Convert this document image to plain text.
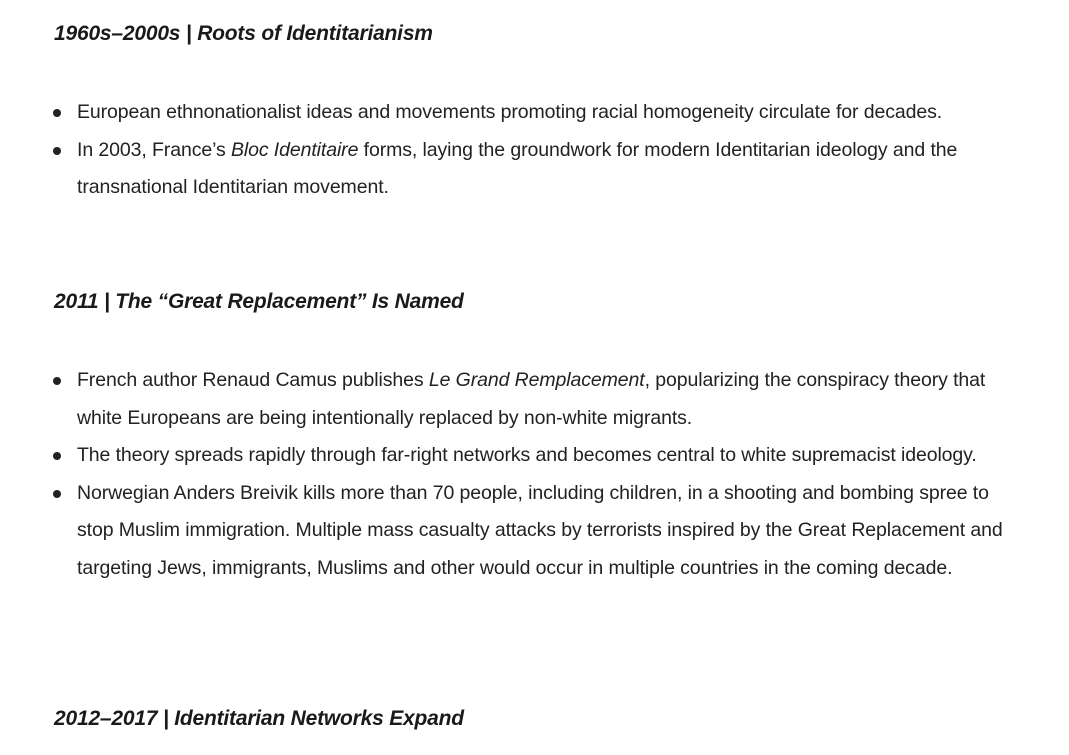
1960s–2000s | Roots of Identitarianism
European ethnonationalist ideas and movements promoting racial homogeneity circulate for decades.
In 2003, France’s Bloc Identitaire forms, laying the groundwork for modern Identitarian ideology and the transnational Identitarian movement.
2011 | The “Great Replacement” Is Named
French author Renaud Camus publishes Le Grand Remplacement, popularizing the conspiracy theory that white Europeans are being intentionally replaced by non-white migrants.
The theory spreads rapidly through far-right networks and becomes central to white supremacist ideology.
Norwegian Anders Breivik kills more than 70 people, including children, in a shooting and bombing spree to stop Muslim immigration. Multiple mass casualty attacks by terrorists inspired by the Great Replacement and targeting Jews, immigrants, Muslims and other would occur in multiple countries in the coming decade.
2012–2017 | Identitarian Networks Expand
